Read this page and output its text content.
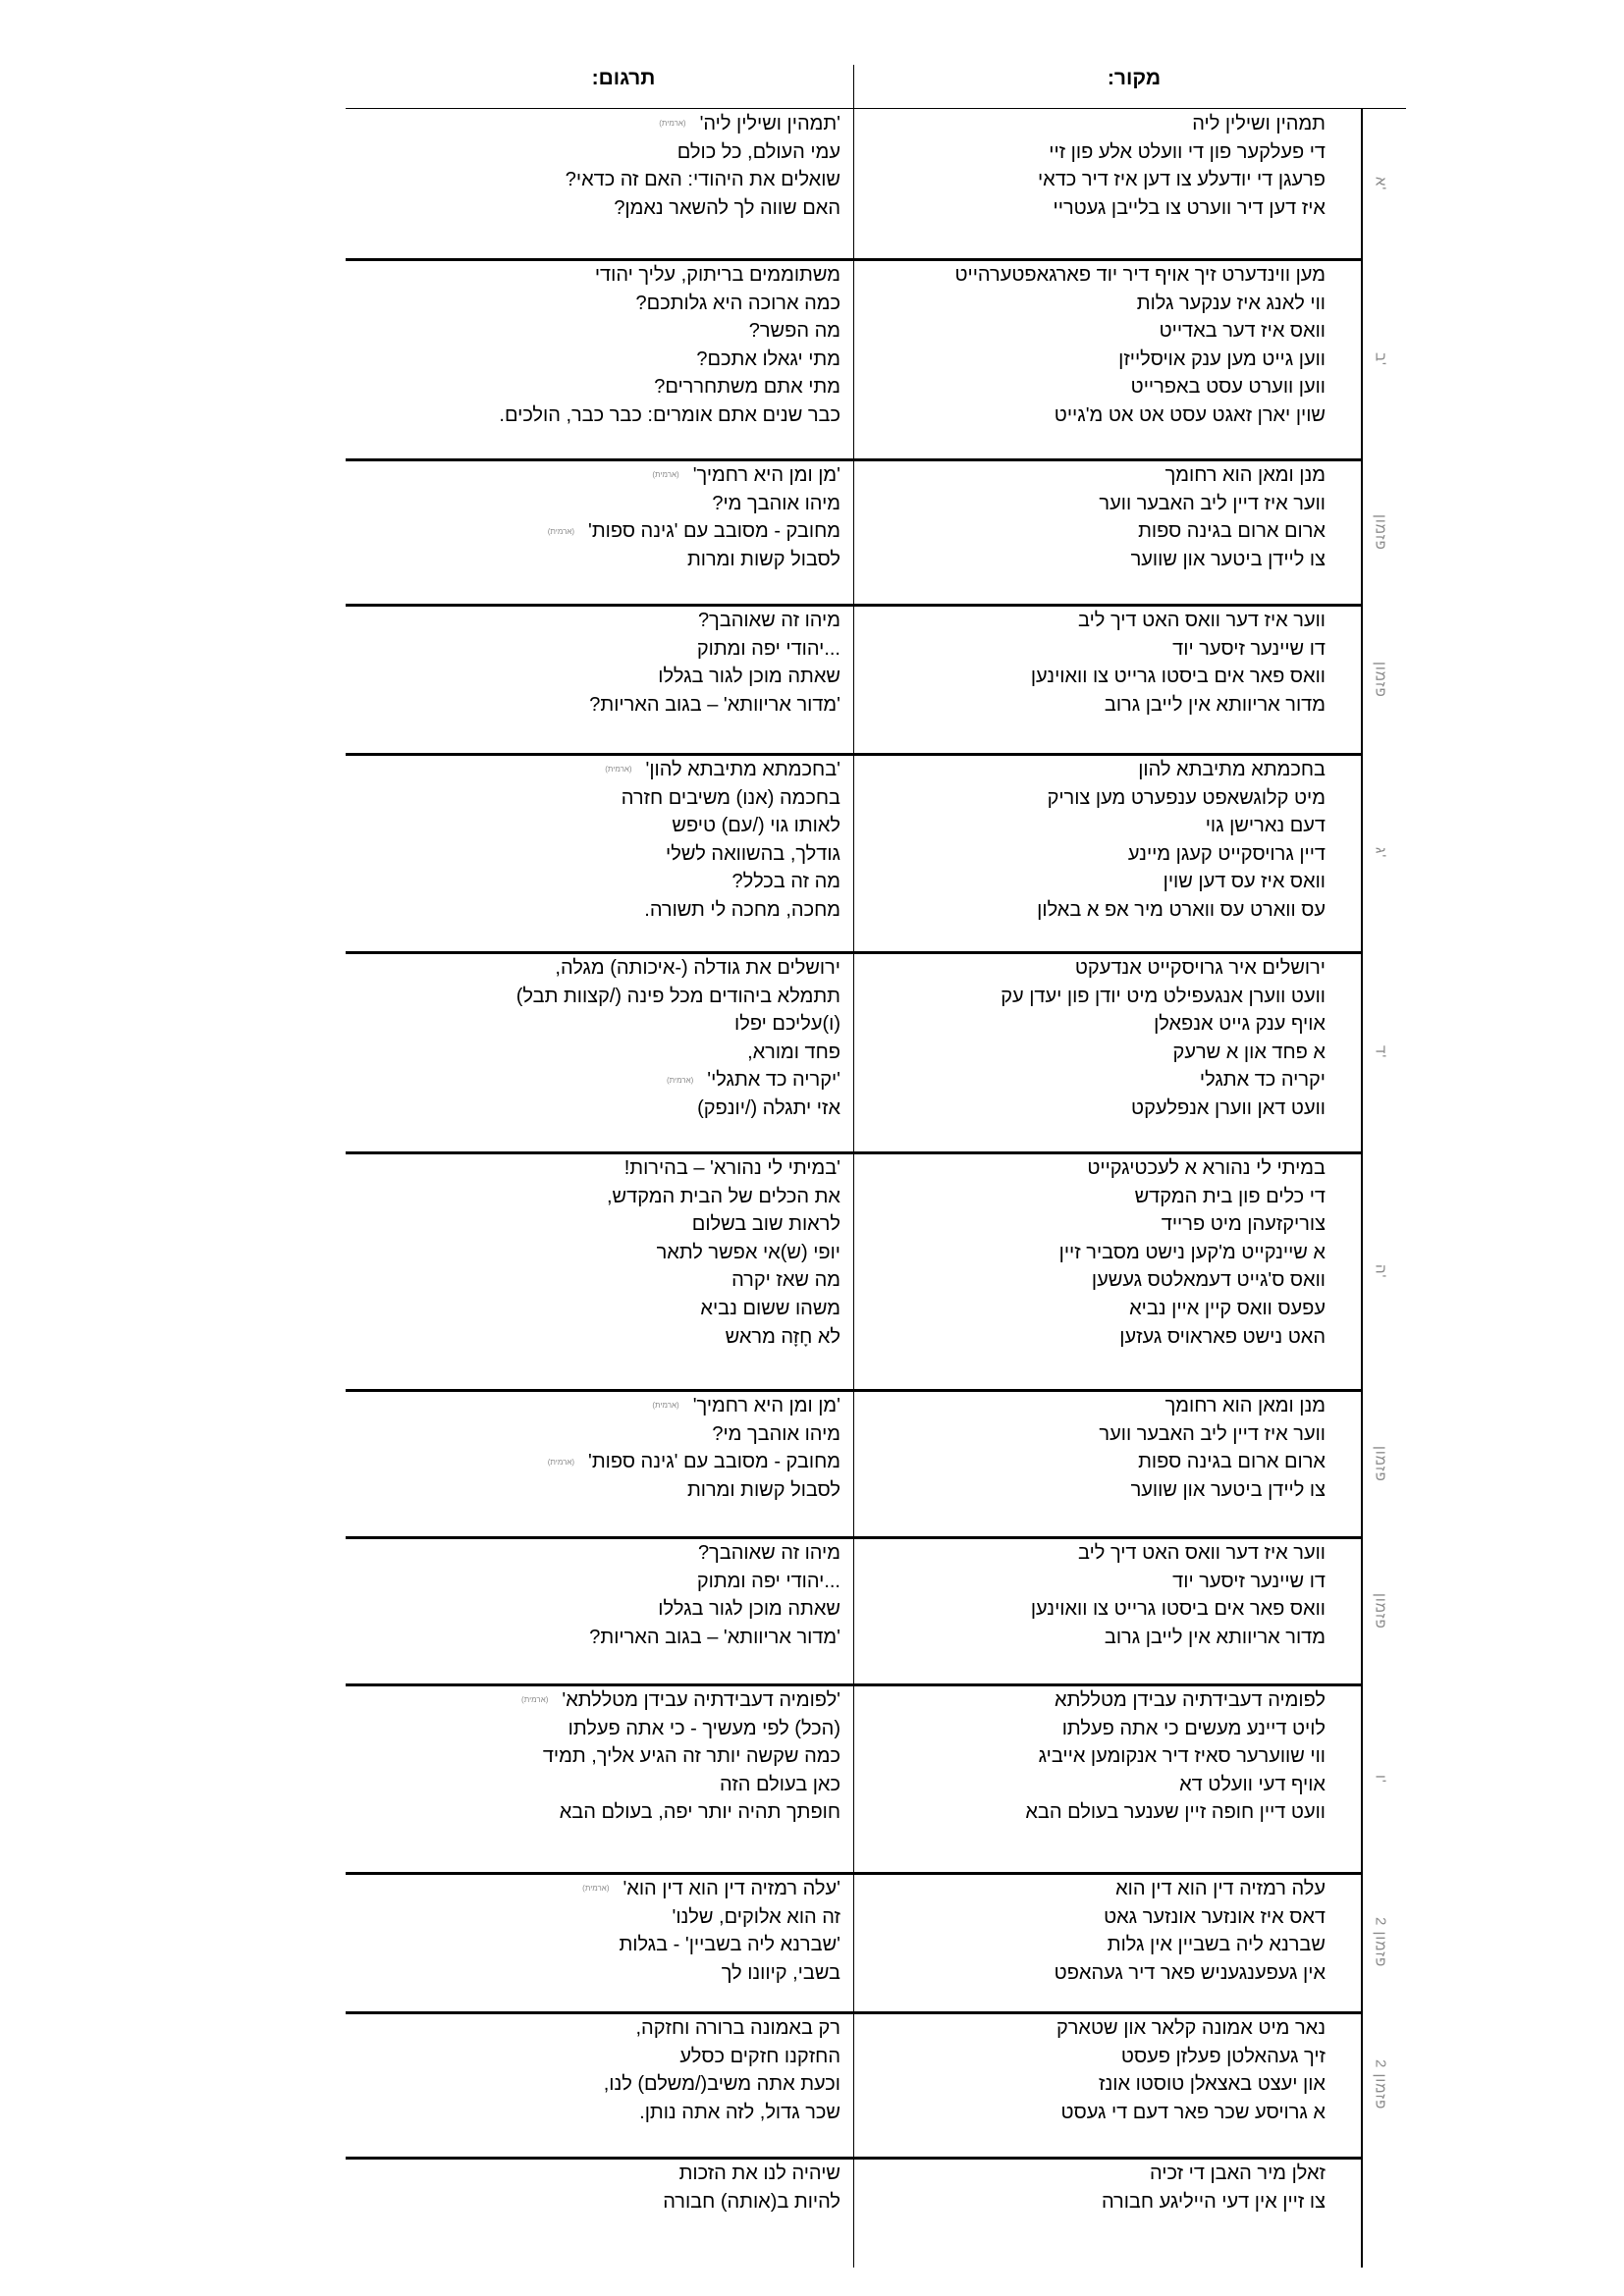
מקור:
תרגום:
תמהין ושילין ליה
די פעלקער פון די וועלט אלע פון זיי
פרעגן די יודעלע צו דען איז דיר כדאי
איז דען דיר ווערט צו בלייבן געטריי
'תמהין ושילין ליה'(ארמית)
עמי העולם, כל כולם
שואלים את היהודי: האם זה כדאי?
האם שווה לך להשאר נאמן?
א'
מען ווינדערט זיך אויף דיר יוד פארגאפטערהייט
ווי לאנג איז ענקער גלות
וואס איז דער באדייט
ווען גייט מען ענק אויסלייזן
ווען ווערט עסט באפרייט
שוין יארן זאגט עסט אט אט מ'גייט
משתוממים בריתוק, עליך יהודי
כמה ארוכה היא גלותכם?
מה הפשר?
מתי יגאלו אתכם?
מתי אתם משתחררים?
כבר שנים אתם אומרים: כבר כבר, הולכים.
ב'
מנן ומאן הוא רחומך
ווער איז דיין ליב האבער ווער
ארום ארום בגינה ספות
צו ליידן ביטער און שווער
'מן ומן היא רחמיך'(ארמית)
מיהו אוהבך מי?
מחובק - מסובב עם 'גינה ספות'(ארמית)
לסבול קשות ומרות
פזמון
ווער איז דער וואס האט דיך ליב
דו שיינער זיסער יוד
וואס פאר אים ביסטו גרייט צו וואוינען
מדור אריוותא אין לייבן גרוב
מיהו זה שאוהבך?
...יהודי יפה ומתוק
שאתה מוכן לגור בגללו
'מדור אריוותא' – בגוב האריות?
פזמון
בחכמתא מתיבתא להון
מיט קלוגשאפט ענפערט מען צוריק
דעם נארישן גוי
דיין גרויסקייט קעגן מיינע
וואס איז עס דען שוין
עס ווארט עס ווארט מיר אפ א באלון
'בחכמתא מתיבתא להון'(ארמית)
בחכמה (אנו) משיבים חזרה
לאותו גוי (/עם) טיפש
גודלך, בהשוואה לשלי
מה זה בכלל?
מחכה, מחכה לי תשורה.
ג'
ירושלים איר גרויסקייט אנדעקט
וועט ווערן אנגעפילט מיט יודן פון יעדן עק
אויף ענק גייט אנפאלן
א פחד און א שרעק
יקריה כד אתגלי
וועט דאן ווערן אנפלעקט
ירושלים את גודלה (-איכותה) מגלה,
תתמלא ביהודים מכל פינה (/קצוות תבל)
(ו)עליכם יפלו
פחד ומורא,
'יקריה כד אתגלי'(ארמית)
אזי יתגלה (/יונפק)
ד'
במיתי לי נהורא א לעכטיגקייט
די כלים פון בית המקדש
צוריקזעהן מיט פרייד
א שיינקייט מ'קען נישט מסביר זיין
וואס ס'גייט דעמאלטס געשען
עפעס וואס קיין איין נביא
האט נישט פאראויס געזען
'במיתי לי נהורא' – בהירות!
את הכלים של הבית המקדש,
לראות שוב בשלום
יופי (ש)אי אפשר לתאר
מה שאז יקרה
משהו ששום נביא
לא חָזָה מראש
ה'
מנן ומאן הוא רחומך
ווער איז דיין ליב האבער ווער
ארום ארום בגינה ספות
צו ליידן ביטער און שווער
'מן ומן היא רחמיך'(ארמית)
מיהו אוהבך מי?
מחובק - מסובב עם 'גינה ספות'(ארמית)
לסבול קשות ומרות
פזמון
ווער איז דער וואס האט דיך ליב
דו שיינער זיסער יוד
וואס פאר אים ביסטו גרייט צו וואוינען
מדור אריוותא אין לייבן גרוב
מיהו זה שאוהבך?
...יהודי יפה ומתוק
שאתה מוכן לגור בגללו
'מדור אריוותא' – בגוב האריות?
פזמון
לפומיה דעבידתיה עבידן מטללתא
לויט דיינע מעשים כי אתה פעלתו
ווי שווערער סאיז דיר אנקומען אייביג
אויף דעי וועלט דא
וועט דיין חופה זיין שענער בעולם הבא
'לפומיה דעבידתיה עבידן מטללתא'(ארמית)
(הכל) לפי מעשיך - כי אתה פעלתו
כמה שקשה יותר זה הגיע אליך, תמיד
כאן בעולם הזה
חופתך תהיה יותר יפה, בעולם הבא
ו'
עלה רמזיה דין הוא דין הוא
דאס איז אונזער אונזער גאט
שברנא ליה בשביין אין גלות
אין געפענגעניש פאר דיר געהאפט
'עלה רמזיה דין הוא דין הוא'(ארמית)
זה הוא אלוקים, שלנו'
'שברנא ליה בשביין' - בגלות
בשבי, קיוונו לך
פזמון 2
נאר מיט אמונה קלאר און שטארק
זיך געהאלטן פעלזן פעסט
און יעצט באצאלן טוסטו אונז
א גרויסע שכר פאר דעם די געסט
רק באמונה ברורה וחזקה,
החזקנו חזקים כסלע
וכעת אתה משיב(/משלם) לנו,
שכר גדול, לזה אתה נותן.
פזמון 2
זאלן מיר האבן די זכיה
צו זיין אין דעי הייליגע חבורה
שיהיה לנו את הזכות
להיות ב(אותה) חבורה
